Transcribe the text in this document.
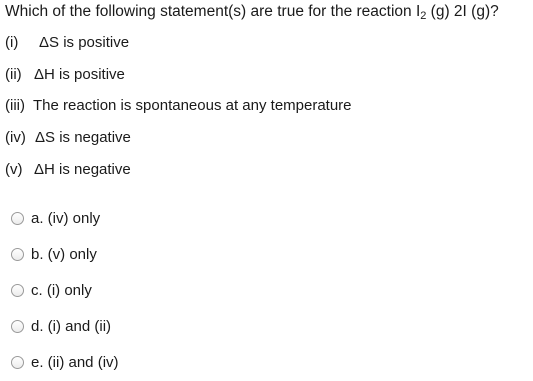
Which of the following statement(s) are true for the reaction $I_2$ (g) 2I (g)?
(i) ΔS is positive
(ii) ΔH is positive
(iii) The reaction is spontaneous at any temperature
(iv) ΔS is negative
(v) ΔH is negative
a. (iv) only
b. (v) only
c. (i) only
d. (i) and (ii)
e. (ii) and (iv)
